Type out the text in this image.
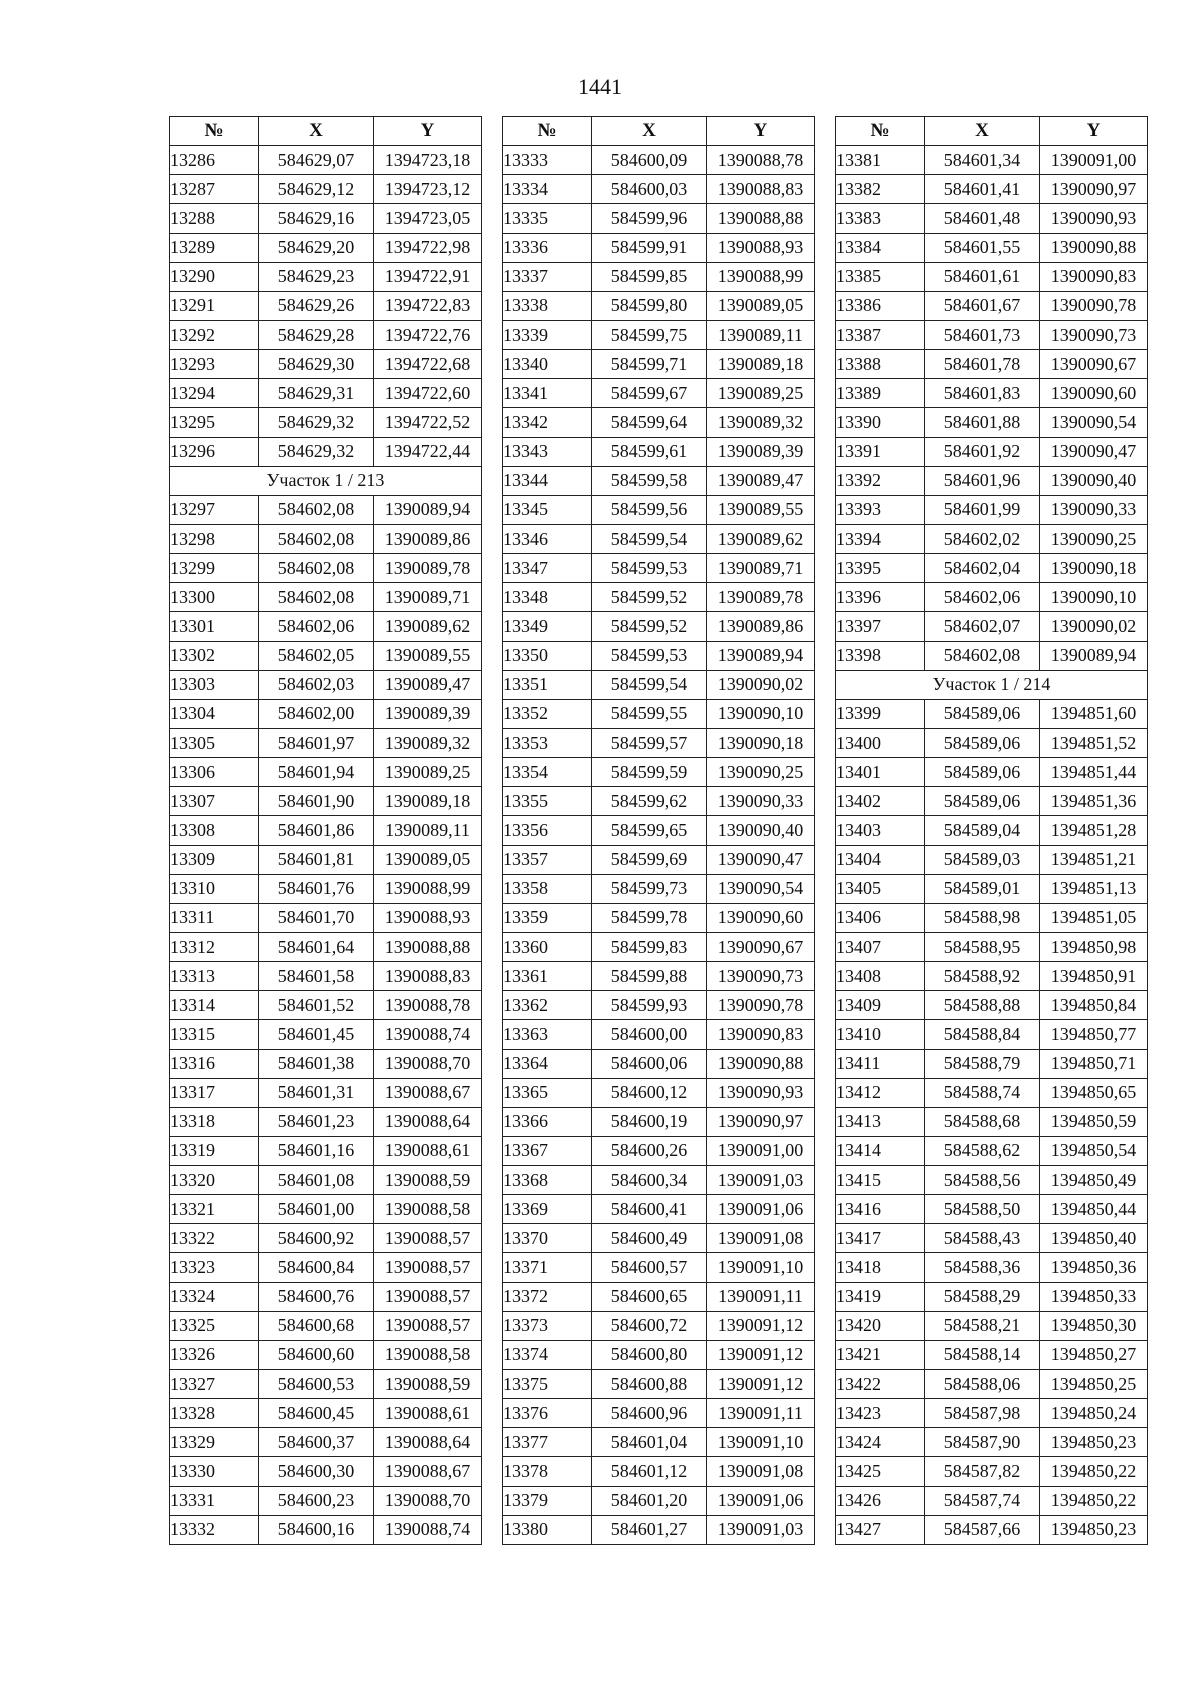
1441
№	X	Y
13286	584629,07	1394723,18
13287	584629,12	1394723,12
13288	584629,16	1394723,05
13289	584629,20	1394722,98
13290	584629,23	1394722,91
13291	584629,26	1394722,83
13292	584629,28	1394722,76
13293	584629,30	1394722,68
13294	584629,31	1394722,60
13295	584629,32	1394722,52
13296	584629,32	1394722,44
Участок 1 / 213		
13297	584602,08	1390089,94
13298	584602,08	1390089,86
13299	584602,08	1390089,78
13300	584602,08	1390089,71
13301	584602,06	1390089,62
13302	584602,05	1390089,55
13303	584602,03	1390089,47
13304	584602,00	1390089,39
13305	584601,97	1390089,32
13306	584601,94	1390089,25
13307	584601,90	1390089,18
13308	584601,86	1390089,11
13309	584601,81	1390089,05
13310	584601,76	1390088,99
13311	584601,70	1390088,93
13312	584601,64	1390088,88
13313	584601,58	1390088,83
13314	584601,52	1390088,78
13315	584601,45	1390088,74
13316	584601,38	1390088,70
13317	584601,31	1390088,67
13318	584601,23	1390088,64
13319	584601,16	1390088,61
13320	584601,08	1390088,59
13321	584601,00	1390088,58
13322	584600,92	1390088,57
13323	584600,84	1390088,57
13324	584600,76	1390088,57
13325	584600,68	1390088,57
13326	584600,60	1390088,58
13327	584600,53	1390088,59
13328	584600,45	1390088,61
13329	584600,37	1390088,64
13330	584600,30	1390088,67
13331	584600,23	1390088,70
13332	584600,16	1390088,74
№	X	Y
13333	584600,09	1390088,78
13334	584600,03	1390088,83
13335	584599,96	1390088,88
13336	584599,91	1390088,93
13337	584599,85	1390088,99
13338	584599,80	1390089,05
13339	584599,75	1390089,11
13340	584599,71	1390089,18
13341	584599,67	1390089,25
13342	584599,64	1390089,32
13343	584599,61	1390089,39
13344	584599,58	1390089,47
13345	584599,56	1390089,55
13346	584599,54	1390089,62
13347	584599,53	1390089,71
13348	584599,52	1390089,78
13349	584599,52	1390089,86
13350	584599,53	1390089,94
13351	584599,54	1390090,02
13352	584599,55	1390090,10
13353	584599,57	1390090,18
13354	584599,59	1390090,25
13355	584599,62	1390090,33
13356	584599,65	1390090,40
13357	584599,69	1390090,47
13358	584599,73	1390090,54
13359	584599,78	1390090,60
13360	584599,83	1390090,67
13361	584599,88	1390090,73
13362	584599,93	1390090,78
13363	584600,00	1390090,83
13364	584600,06	1390090,88
13365	584600,12	1390090,93
13366	584600,19	1390090,97
13367	584600,26	1390091,00
13368	584600,34	1390091,03
13369	584600,41	1390091,06
13370	584600,49	1390091,08
13371	584600,57	1390091,10
13372	584600,65	1390091,11
13373	584600,72	1390091,12
13374	584600,80	1390091,12
13375	584600,88	1390091,12
13376	584600,96	1390091,11
13377	584601,04	1390091,10
13378	584601,12	1390091,08
13379	584601,20	1390091,06
13380	584601,27	1390091,03
№	X	Y
13381	584601,34	1390091,00
13382	584601,41	1390090,97
13383	584601,48	1390090,93
13384	584601,55	1390090,88
13385	584601,61	1390090,83
13386	584601,67	1390090,78
13387	584601,73	1390090,73
13388	584601,78	1390090,67
13389	584601,83	1390090,60
13390	584601,88	1390090,54
13391	584601,92	1390090,47
13392	584601,96	1390090,40
13393	584601,99	1390090,33
13394	584602,02	1390090,25
13395	584602,04	1390090,18
13396	584602,06	1390090,10
13397	584602,07	1390090,02
13398	584602,08	1390089,94
Участок 1 / 214		
13399	584589,06	1394851,60
13400	584589,06	1394851,52
13401	584589,06	1394851,44
13402	584589,06	1394851,36
13403	584589,04	1394851,28
13404	584589,03	1394851,21
13405	584589,01	1394851,13
13406	584588,98	1394851,05
13407	584588,95	1394850,98
13408	584588,92	1394850,91
13409	584588,88	1394850,84
13410	584588,84	1394850,77
13411	584588,79	1394850,71
13412	584588,74	1394850,65
13413	584588,68	1394850,59
13414	584588,62	1394850,54
13415	584588,56	1394850,49
13416	584588,50	1394850,44
13417	584588,43	1394850,40
13418	584588,36	1394850,36
13419	584588,29	1394850,33
13420	584588,21	1394850,30
13421	584588,14	1394850,27
13422	584588,06	1394850,25
13423	584587,98	1394850,24
13424	584587,90	1394850,23
13425	584587,82	1394850,22
13426	584587,74	1394850,22
13427	584587,66	1394850,23
